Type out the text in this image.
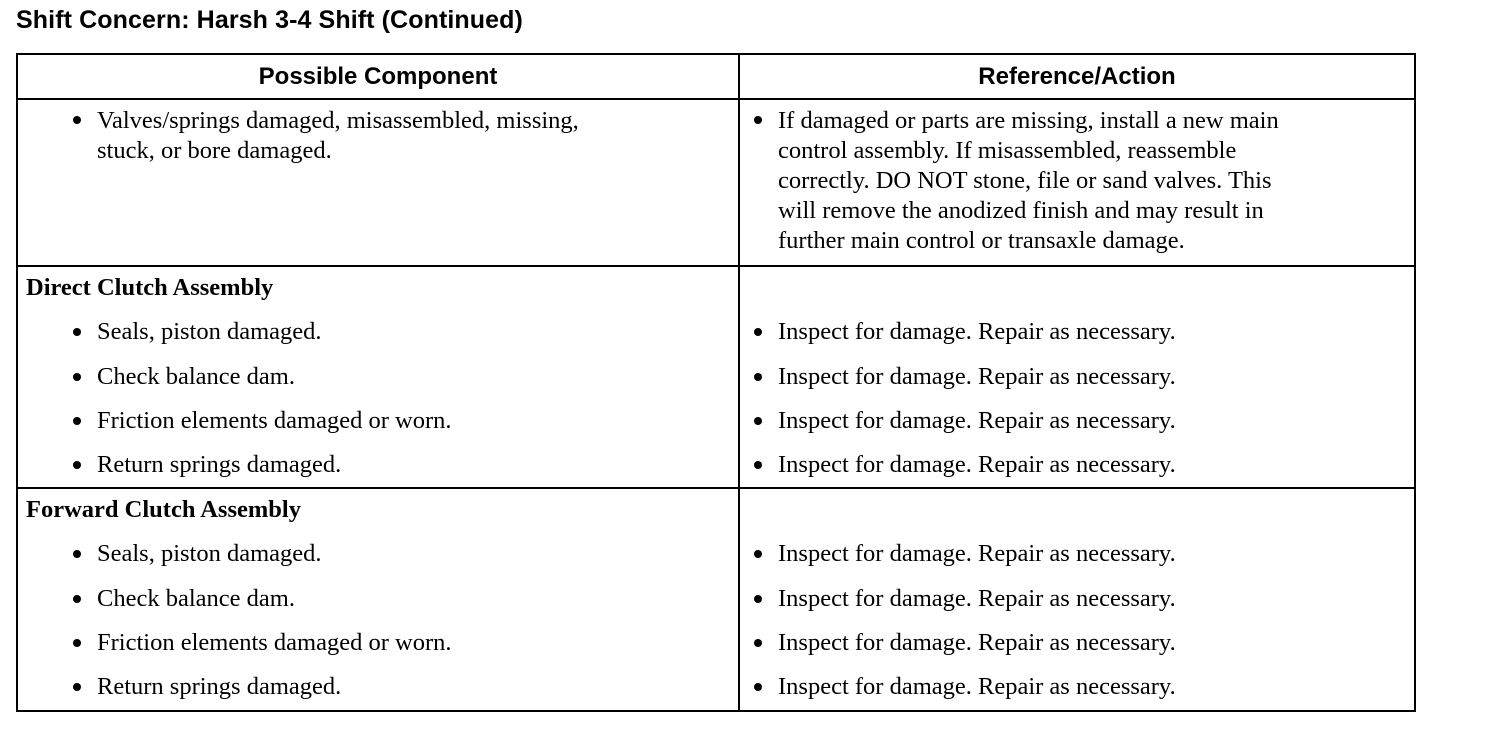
Shift Concern: Harsh 3-4 Shift (Continued)
Possible Component	Reference/Action
Valves/springs damaged, misassembled, missing,
stuck, or bore damaged.
If damaged or parts are missing, install a new main
control assembly. If misassembled, reassemble
correctly. DO NOT stone, file or sand valves. This
will remove the anodized finish and may result in
further main control or transaxle damage.
Direct Clutch Assembly
Seals, piston damaged.
Check balance dam.
Friction elements damaged or worn.
Return springs damaged.
Inspect for damage. Repair as necessary.
Inspect for damage. Repair as necessary.
Inspect for damage. Repair as necessary.
Inspect for damage. Repair as necessary.
Forward Clutch Assembly
Seals, piston damaged.
Check balance dam.
Friction elements damaged or worn.
Return springs damaged.
Inspect for damage. Repair as necessary.
Inspect for damage. Repair as necessary.
Inspect for damage. Repair as necessary.
Inspect for damage. Repair as necessary.
